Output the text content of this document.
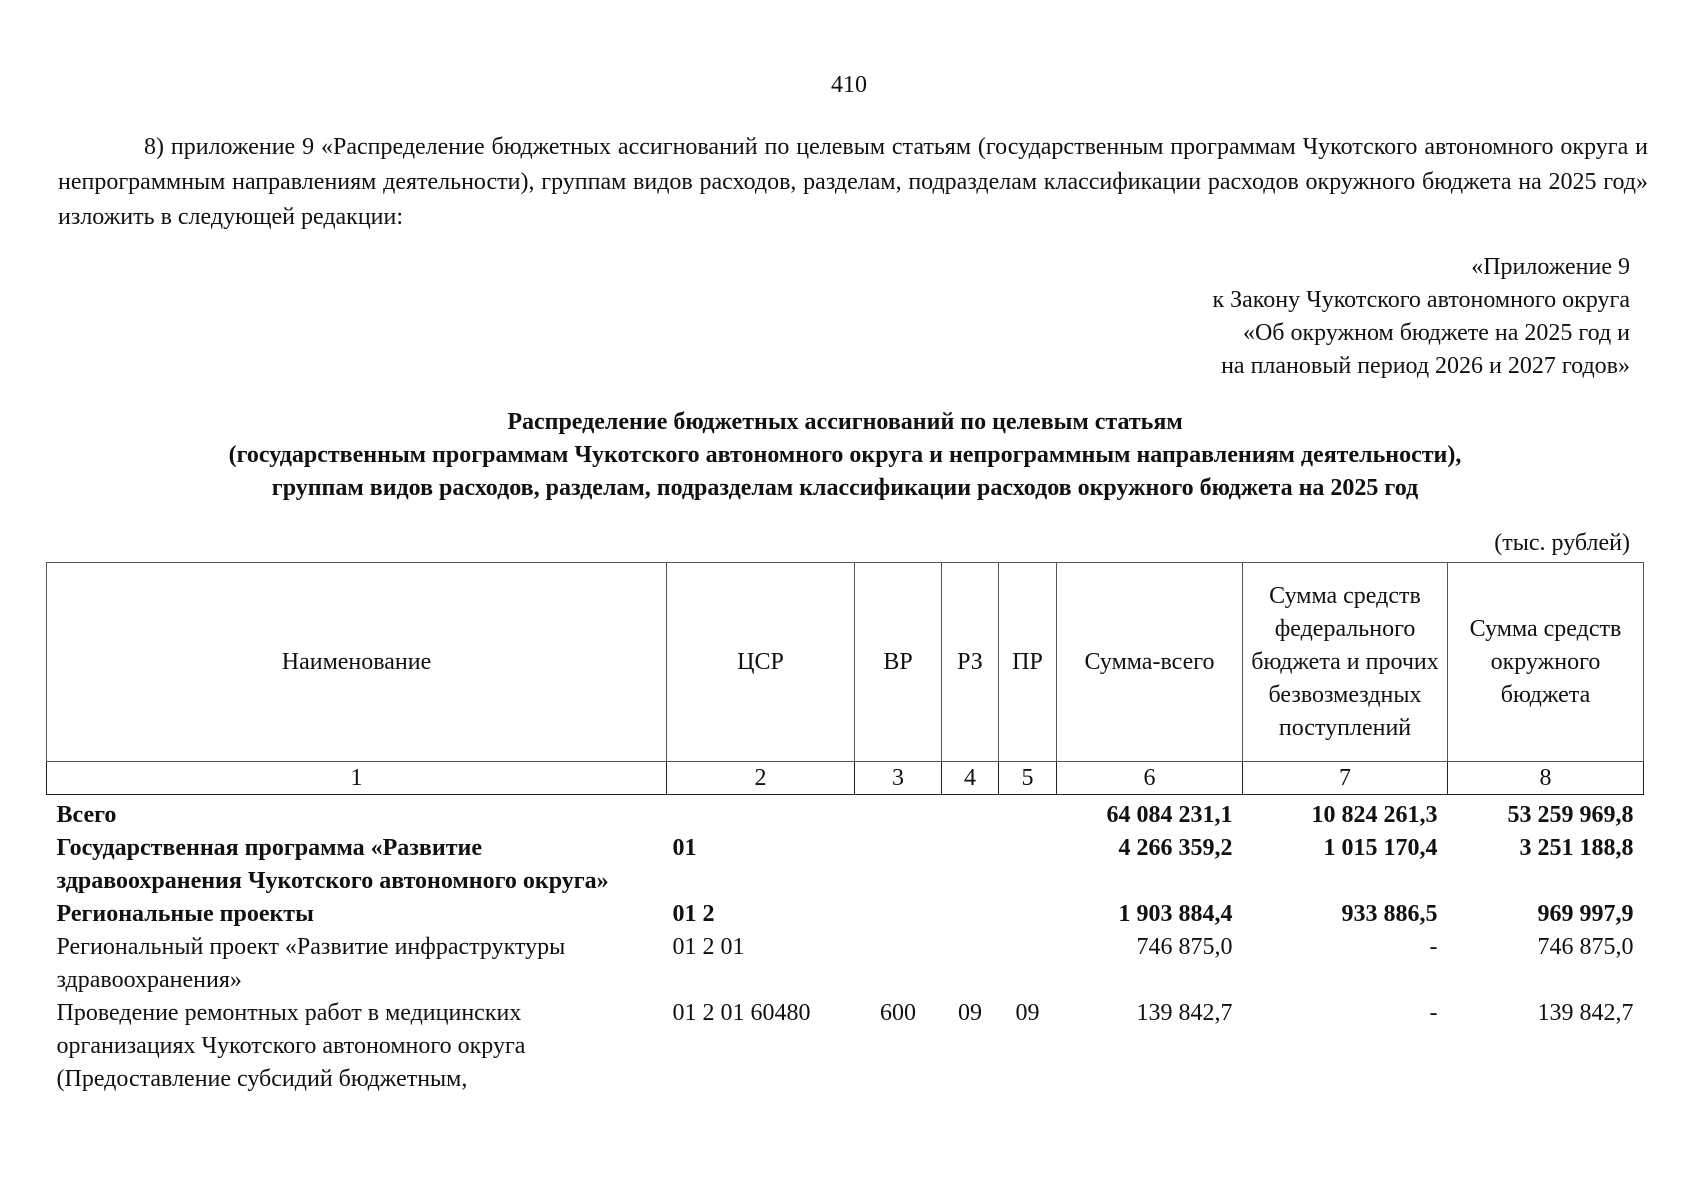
410

8) приложение 9 «Распределение бюджетных ассигнований по целевым статьям (государственным программам Чукотского автономного округа и непрограммным направлениям деятельности), группам видов расходов, разделам, подразделам классификации расходов окружного бюджета на 2025 год» изложить в следующей редакции:

«Приложение 9
к Закону Чукотского автономного округа
«Об окружном бюджете на 2025 год и
на плановый период 2026 и 2027 годов»
Распределение бюджетных ассигнований по целевым статьям
(государственным программам Чукотского автономного округа и непрограммным направлениям деятельности),
группам видов расходов, разделам, подразделам классификации расходов окружного бюджета на 2025 год
(тыс. рублей)
Наименование	ЦСР	ВР	РЗ	ПР	Сумма-всего	Сумма средств федерального бюджета и прочих безвозмездных поступлений	Сумма средств окружного бюджета
1	2	3	4	5	6	7	8
Всего					64 084 231,1	10 824 261,3	53 259 969,8
Государственная программа «Развитие здравоохранения Чукотского автономного округа»	01				4 266 359,2	1 015 170,4	3 251 188,8
Региональные проекты	01 2				1 903 884,4	933 886,5	969 997,9
Региональный проект «Развитие инфраструктуры здравоохранения»	01 2 01				746 875,0	-	746 875,0
Проведение ремонтных работ в медицинских организациях Чукотского автономного округа (Предоставление субсидий бюджетным,	01 2 01 60480	600	09	09	139 842,7	-	139 842,7
